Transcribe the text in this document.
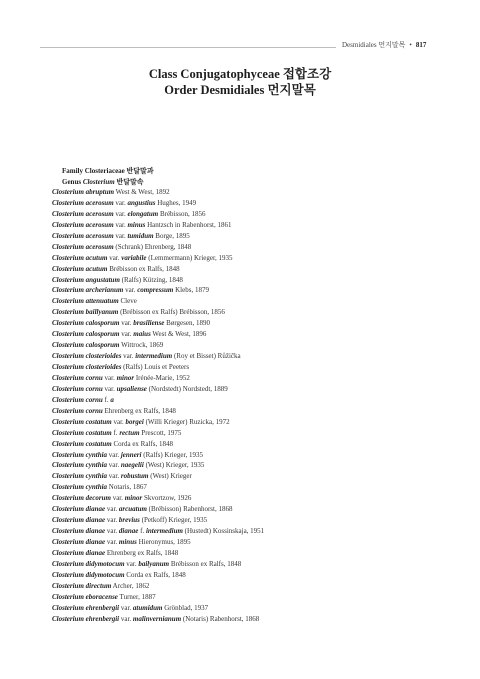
Desmidiales 먼지말목 • 817
Class Conjugatophyceae 접합조강
Order Desmidiales 먼지말목
Family Closteriaceae 반달말과
Genus Closterium 반달말속
Closterium abruptum West & West, 1892
Closterium acerosum var. angustius Hughes, 1949
Closterium acerosum var. elongatum Brébisson, 1856
Closterium acerosum var. minus Hantzsch in Rabenhorst, 1861
Closterium acerosum var. tumidum Borge, 1895
Closterium acerosum (Schrank) Ehrenberg, 1848
Closterium acutum var. variabile (Lemmermann) Krieger, 1935
Closterium acutum Brébisson ex Ralfs, 1848
Closterium angustatum (Ralfs) Kützing, 1848
Closterium archerianum var. compressum Klebs, 1879
Closterium attenuatum Cleve
Closterium baillyanum (Brébisson ex Ralfs) Brébisson, 1856
Closterium calosporum var. brasiliense Børgesen, 1890
Closterium calosporum var. maius West & West, 1896
Closterium calosporum Wittrock, 1869
Closterium closterioides var. intermedium (Roy et Bisset) Růžička
Closterium closterioides (Ralfs) Louis et Peeters
Closterium cornu var. minor Irénée-Marie, 1952
Closterium cornu var. upsaliense (Nordstedt) Nordstedt, 1889
Closterium cornu f. a
Closterium cornu Ehrenberg ex Ralfs, 1848
Closterium costatum var. borgei (Willi Krieger) Ruzicka, 1972
Closterium costatum f. rectum Prescott, 1975
Closterium costatum Corda ex Ralfs, 1848
Closterium cynthia var. jenneri (Ralfs) Krieger, 1935
Closterium cynthia var. naegelii (West) Krieger, 1935
Closterium cynthia var. robustum (West) Krieger
Closterium cynthia Notaris, 1867
Closterium decorum var. minor Skvortzow, 1926
Closterium dianae var. arcuatum (Brébisson) Rabenhorst, 1868
Closterium dianae var. brevius (Petkoff) Krieger, 1935
Closterium dianae var. dianae f. intermedium (Hustedt) Kossinskaja, 1951
Closterium dianae var. minus Hieronymus, 1895
Closterium dianae Ehrenberg ex Ralfs, 1848
Closterium didymotocum var. bailyanum Brébisson ex Ralfs, 1848
Closterium didymotocum Corda ex Ralfs, 1848
Closterium directum Archer, 1862
Closterium eboracense Turner, 1887
Closterium ehrenbergii var. atumidum Grönblad, 1937
Closterium ehrenbergii var. malinvernianum (Notaris) Rabenhorst, 1868
